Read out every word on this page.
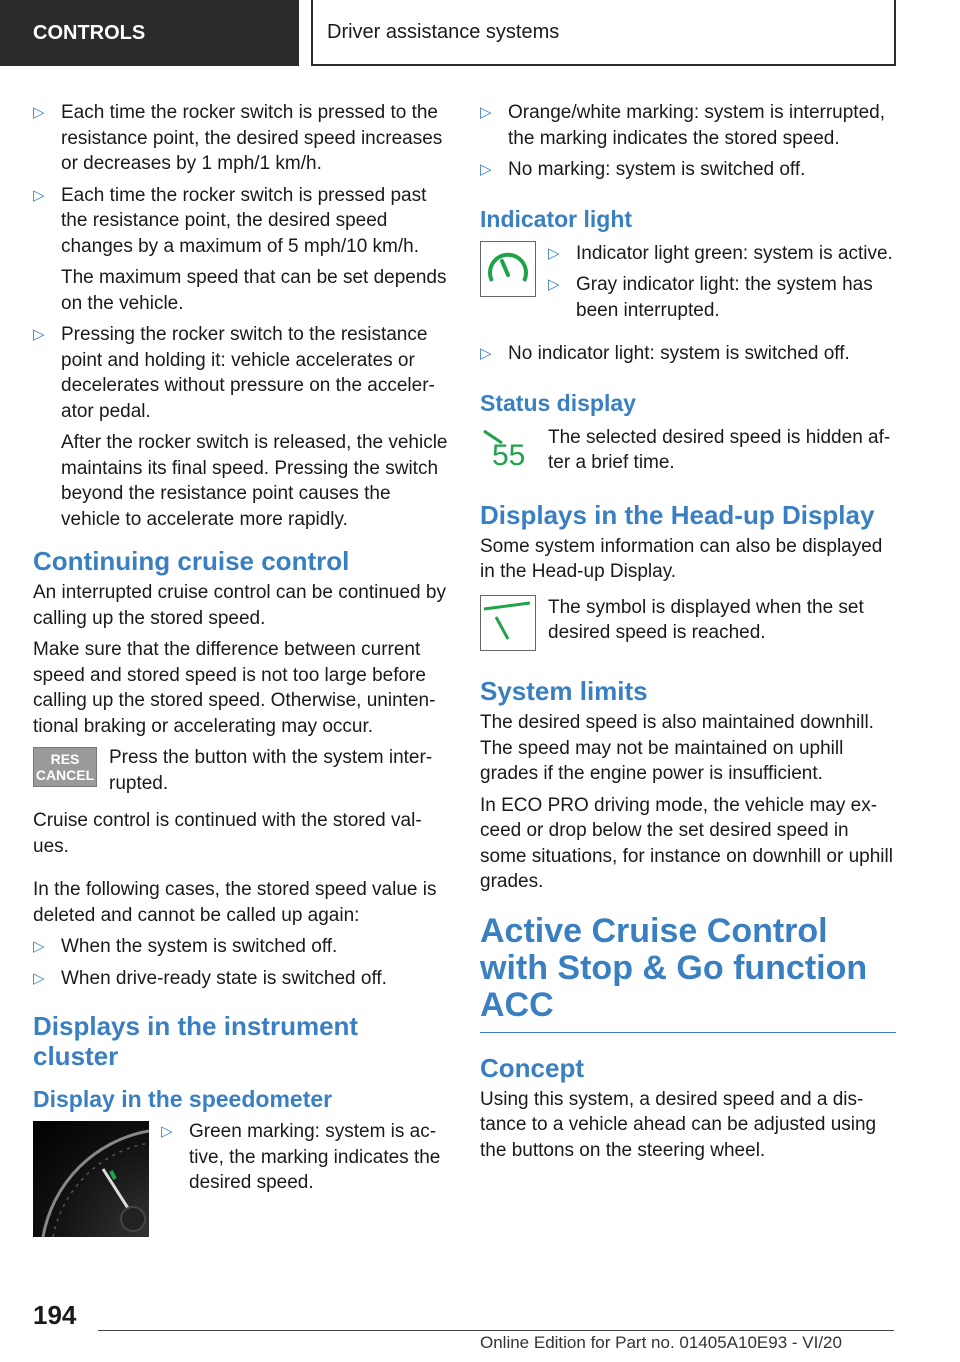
CONTROLS	Driver assistance systems
▷ Each time the rocker switch is pressed to the resistance point, the desired speed increases or decreases by 1 mph/1 km/h.
▷ Each time the rocker switch is pressed past the resistance point, the desired speed changes by a maximum of 5 mph/10 km/h.

The maximum speed that can be set depends on the vehicle.

▷ Pressing the rocker switch to the resistance point and holding it: vehicle accelerates or decelerates without pressure on the accelerator pedal.

After the rocker switch is released, the vehicle maintains its final speed. Pressing the switch beyond the resistance point causes the vehicle to accelerate more rapidly.

Continuing cruise control

An interrupted cruise control can be continued by calling up the stored speed.

Make sure that the difference between current speed and stored speed is not too large before calling up the stored speed. Otherwise, unintentional braking or accelerating may occur.

RES
CANCEL

Press the button with the system interrupted.

Cruise control is continued with the stored values.

In the following cases, the stored speed value is deleted and cannot be called up again:

▷ When the system is switched off.
▷ When drive-ready state is switched off.
Displays in the instrument cluster
Display in the speedometer
▷ Green marking: system is active, the marking indicates the desired speed.
▷ Orange/white marking: system is interrupted, the marking indicates the stored speed.
▷ No marking: system is switched off.
Indicator light
▷ Indicator light green: system is active.
▷ Gray indicator light: the system has been interrupted.
▷ No indicator light: system is switched off.
Status display
55

The selected desired speed is hidden after a brief time.

Displays in the Head-up Display

Some system information can also be displayed in the Head-up Display.

The symbol is displayed when the set desired speed is reached.

System limits

The desired speed is also maintained downhill. The speed may not be maintained on uphill grades if the engine power is insufficient.

In ECO PRO driving mode, the vehicle may exceed or drop below the set desired speed in some situations, for instance on downhill or uphill grades.

Active Cruise Control with Stop & Go function ACC
Concept

Using this system, a desired speed and a distance to a vehicle ahead can be adjusted using the buttons on the steering wheel.

194
Online Edition for Part no. 01405A10E93 - VI/20
